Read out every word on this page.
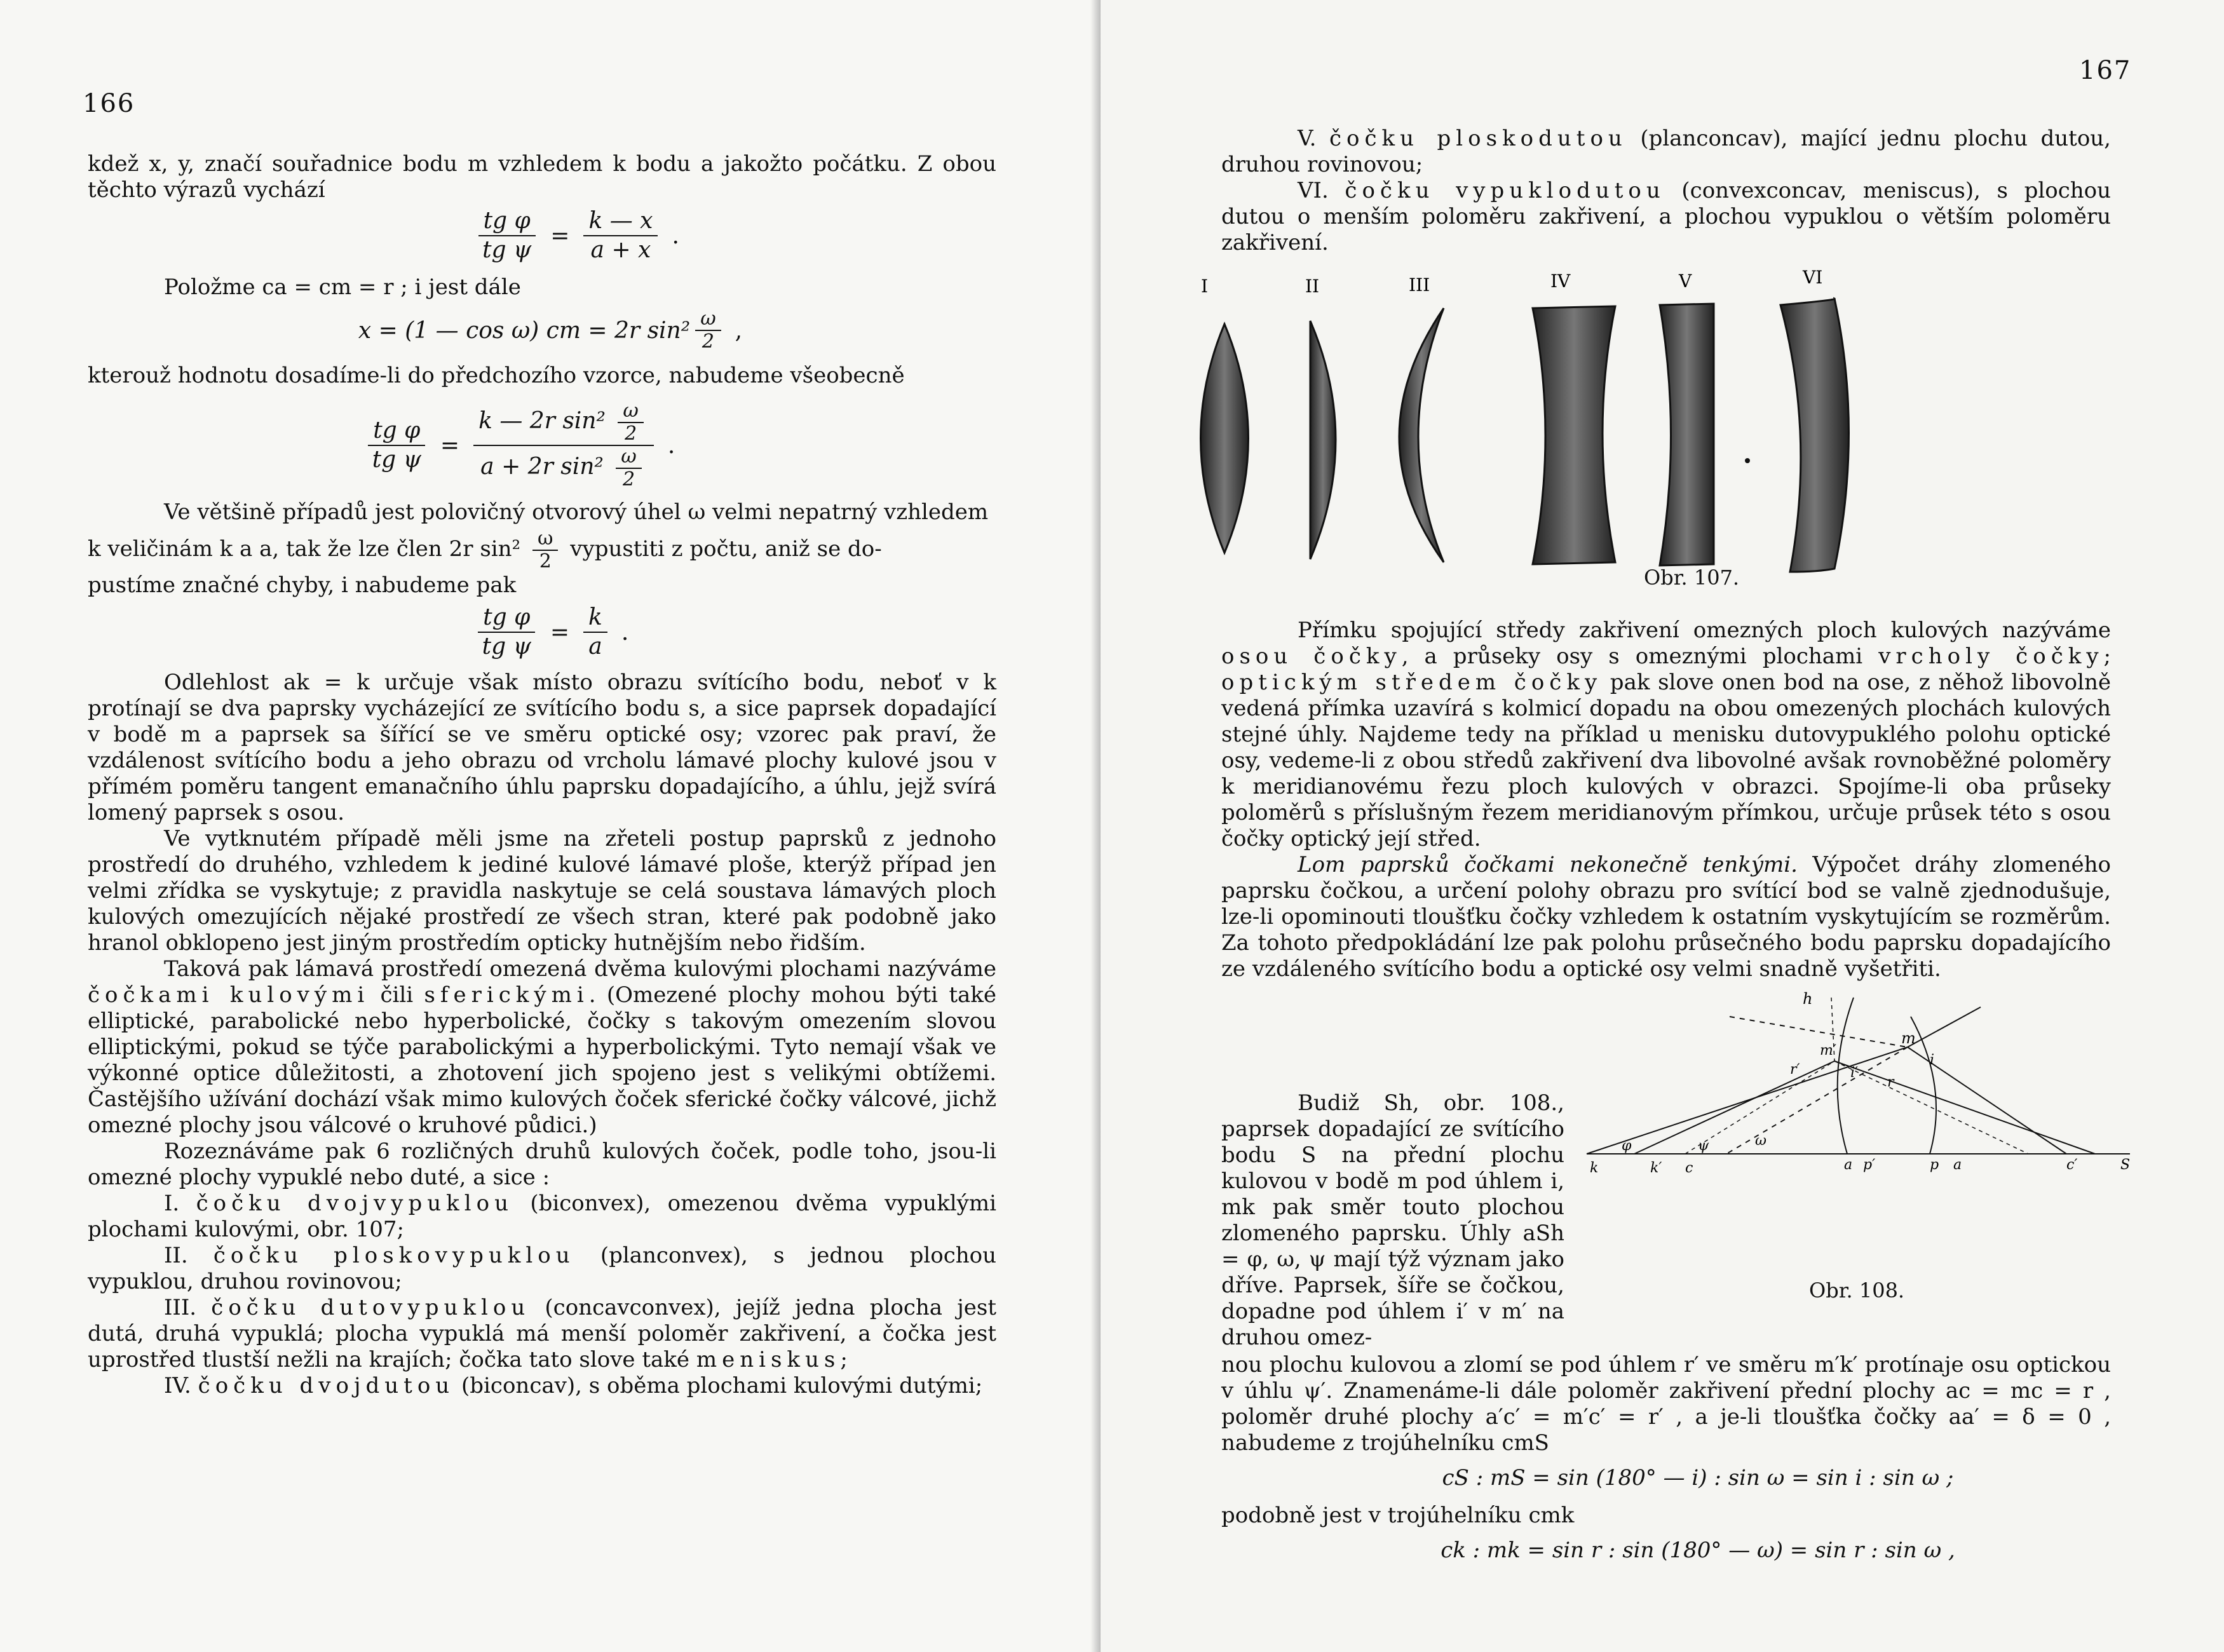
166

kdež x, y, značí souřadnice bodu m vzhledem k bodu a jakožto počátku. Z obou těchto výrazů vychází

$\frac{\text{tg φ}}{\text{tg ψ}} = \frac{k — x}{a + x}$ .

Položme ca = cm = r ; i jest dále

x = (1 — cos ω) cm = 2r $\sin^2 \frac{\omega}{2}$ ,

kterouž hodnotu dosadíme-li do předchozího vzorce, nabudeme všeobecně

$\frac{\text{tg φ}}{\text{tg ψ}} = \frac{k — 2r \sin^2 \frac{\omega}{2}}{a + 2r \sin^2 \frac{\omega}{2}}$ .

Ve většině případů jest polovičný otvorový úhel ω velmi nepatrný vzhledem

k veličinám k a a, tak že lze člen 2r $\sin^2 \frac{\omega}{2}$ vypustiti z počtu, aniž se do-

pustíme značné chyby, i nabudeme pak

$\frac{\text{tg φ}}{\text{tg ψ}} = \frac{k}{a}$ .

Odlehlost ak = k určuje však místo obrazu svítícího bodu, neboť v k protínají se dva paprsky vycházející ze svítícího bodu s, a sice paprsek dopadající v bodě m a paprsek sa šířící se ve směru optické osy; vzorec pak praví, že vzdálenost svítícího bodu a jeho obrazu od vrcholu lámavé plochy kulové jsou v přímém poměru tangent emanačního úhlu paprsku dopadajícího, a úhlu, jejž svírá lomený paprsek s osou.

Ve vytknutém případě měli jsme na zřeteli postup paprsků z jednoho prostředí do druhého, vzhledem k jediné kulové lámavé ploše, kterýž případ jen velmi zřídka se vyskytuje; z pravidla naskytuje se celá soustava lámavých ploch kulových omezujících nějaké prostředí ze všech stran, které pak podobně jako hranol obklopeno jest jiným prostředím opticky hutnějším nebo řidším.

Taková pak lámavá prostředí omezená dvěma kulovými plochami nazýváme čočkami kulovými čili sferickými. (Omezené plochy mohou býti také elliptické, parabolické nebo hyperbolické, čočky s takovým omezením slovou elliptickými, pokud se týče parabolickými a hyperbolickými. Tyto nemají však ve výkonné optice důležitosti, a zhotovení jich spojeno jest s velikými obtížemi. Častějšího užívání dochází však mimo kulových čoček sferické čočky válcové, jichž omezné plochy jsou válcové o kruhové půdici.)

Rozeznáváme pak 6 rozličných druhů kulových čoček, podle toho, jsou-li omezné plochy vypuklé nebo duté, a sice :

I. čočku dvojvypuklou (biconvex), omezenou dvěma vypuklými plochami kulovými, obr. 107;

II. čočku ploskovypuklou (planconvex), s jednou plochou vypuklou, druhou rovinovou;

III. čočku dutovypuklou (concavconvex), jejíž jedna plocha jest dutá, druhá vypuklá; plocha vypuklá má menší poloměr zakřivení, a čočka jest uprostřed tlustší nežli na krajích; čočka tato slove také meniskus;

IV. čočku dvojdutou (biconcav), s oběma plochami kulovými dutými;

167

V. čočku ploskodutou (planconcav), mající jednu plochu dutou, druhou rovinovou;

VI. čočku vypuklodutou (convexconcav, meniscus), s plochou dutou o menším poloměru zakřivení, a plochou vypuklou o větším poloměru zakřivení.

I	II	III	IV	V	VI
Obr. 107.

Přímku spojující středy zakřivení omezných ploch kulových nazýváme osou čočky, a průseky osy s omeznými plochami vrcholy čočky; optickým středem čočky pak slove onen bod na ose, z něhož libovolně vedená přímka uzavírá s kolmicí dopadu na obou omezených plochách kulových stejné úhly. Najdeme tedy na příklad u menisku dutovypuklého polohu optické osy, vedeme-li z obou středů zakřivení dva libovolné avšak rovnoběžné poloměry k meridianovému řezu ploch kulových v obrazci. Spojíme-li oba průseky poloměrů s příslušným řezem meridianovým přímkou, určuje průsek této s osou čočky optický její střed.

Lom paprsků čočkami nekonečně tenkými. Výpočet dráhy zlomeného paprsku čočkou, a určení polohy obrazu pro svítící bod se valně zjednodušuje, lze-li opominouti tloušťku čočky vzhledem k ostatním vyskytujícím se rozměrům. Za tohoto předpokládání lze pak polohu průsečného bodu paprsku dopadajícího ze vzdáleného svítícího bodu a optické osy velmi snadně vyšetřiti.

Budiž Sh, obr. 108., paprsek dopadající ze svítícího bodu S na přední plochu kulovou v bodě m pod úhlem i, mk pak směr touto plochou zlomeného paprsku. Úhly aSh = φ, ω, ψ mají týž význam jako dříve. Paprsek, šíře se čočkou, dopadne pod úhlem i′ v m′ na druhou omez-

h
m
m′
i
r′	i′
r
φ	ω
ψ
k	k′ c	a p′	p a	c′	S
Obr. 108.

nou plochu kulovou a zlomí se pod úhlem r′ ve směru m′k′ protínaje osu optickou v úhlu ψ′. Znamenáme-li dále poloměr zakřivení přední plochy ac = mc = r , poloměr druhé plochy a′c′ = m′c′ = r′ , a je-li tloušťka čočky aa′ = δ = 0 , nabudeme z trojúhelníku cmS

cS : mS = sin (180° — i) : sin ω = sin i : sin ω ;

podobně jest v trojúhelníku cmk

ck : mk = sin r : sin (180° — ω) = sin r : sin ω ,
